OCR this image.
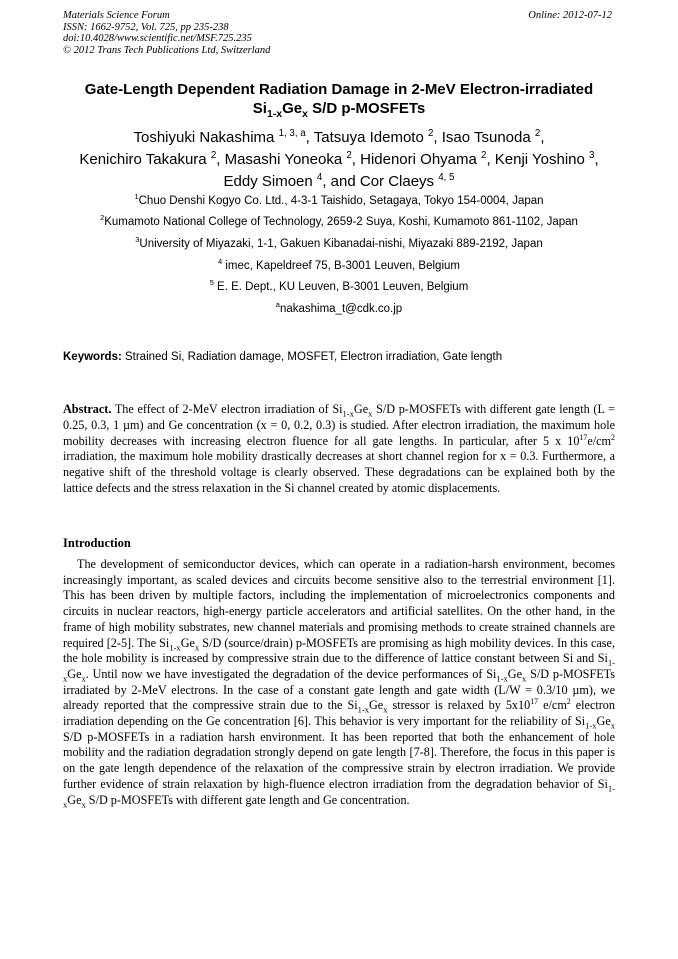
Materials Science Forum
ISSN: 1662-9752, Vol. 725, pp 235-238
doi:10.4028/www.scientific.net/MSF.725.235
© 2012 Trans Tech Publications Ltd, Switzerland
Online: 2012-07-12
Gate-Length Dependent Radiation Damage in 2-MeV Electron-irradiated
$Si_{1-x}Ge_x$ S/D p-MOSFETs
Toshiyuki Nakashima $^{1, 3, a}$, Tatsuya Idemoto $^2$, Isao Tsunoda $^2$,
Kenichiro Takakura $^2$, Masashi Yoneoka $^2$, Hidenori Ohyama $^2$, Kenji Yoshino $^3$,
Eddy Simoen $^4$, and Cor Claeys $^{4, 5}$
$^1$Chuo Denshi Kogyo Co. Ltd., 4-3-1 Taishido, Setagaya, Tokyo 154-0004, Japan
$^2$Kumamoto National College of Technology, 2659-2 Suya, Koshi, Kumamoto 861-1102, Japan
$^3$University of Miyazaki, 1-1, Gakuen Kibanadai-nishi, Miyazaki 889-2192, Japan
$^4$ imec, Kapeldreef 75, B-3001 Leuven, Belgium
$^5$ E. E. Dept., KU Leuven, B-3001 Leuven, Belgium
$^a$nakashima_t@cdk.co.jp
Keywords: Strained Si, Radiation damage, MOSFET, Electron irradiation, Gate length
Abstract. The effect of 2-MeV electron irradiation of $Si_{1-x}Ge_x$ S/D p-MOSFETs with different gate length (L = 0.25, 0.3, 1 µm) and Ge concentration (x = 0, 0.2, 0.3) is studied. After electron irradiation, the maximum hole mobility decreases with increasing electron fluence for all gate lengths. In particular, after 5 x $10^{17}e/cm^2$ irradiation, the maximum hole mobility drastically decreases at short channel region for x = 0.3. Furthermore, a negative shift of the threshold voltage is clearly observed. These degradations can be explained both by the lattice defects and the stress relaxation in the Si channel created by atomic displacements.
Introduction
The development of semiconductor devices, which can operate in a radiation-harsh environment, becomes increasingly important, as scaled devices and circuits become sensitive also to the terrestrial environment [1]. This has been driven by multiple factors, including the implementation of microelectronics components and circuits in nuclear reactors, high-energy particle accelerators and artificial satellites. On the other hand, in the frame of high mobility substrates, new channel materials and promising methods to create strained channels are required [2-5]. The $Si_{1-x}Ge_x$ S/D (source/drain) p-MOSFETs are promising as high mobility devices. In this case, the hole mobility is increased by compressive strain due to the difference of lattice constant between Si and $Si_{1-x}Ge_x$. Until now we have investigated the degradation of the device performances of $Si_{1-x}Ge_x$ S/D p-MOSFETs irradiated by 2-MeV electrons. In the case of a constant gate length and gate width (L/W = 0.3/10 µm), we already reported that the compressive strain due to the $Si_{1-x}Ge_x$ stressor is relaxed by $5x10^{17}$ $e/cm^2$ electron irradiation depending on the Ge concentration [6]. This behavior is very important for the reliability of $Si_{1-x}Ge_x$ S/D p-MOSFETs in a radiation harsh environment. It has been reported that both the enhancement of hole mobility and the radiation degradation strongly depend on gate length [7-8]. Therefore, the focus in this paper is on the gate length dependence of the relaxation of the compressive strain by electron irradiation. We provide further evidence of strain relaxation by high-fluence electron irradiation from the degradation behavior of $Si_{1-x}Ge_x$ S/D p-MOSFETs with different gate length and Ge concentration.
